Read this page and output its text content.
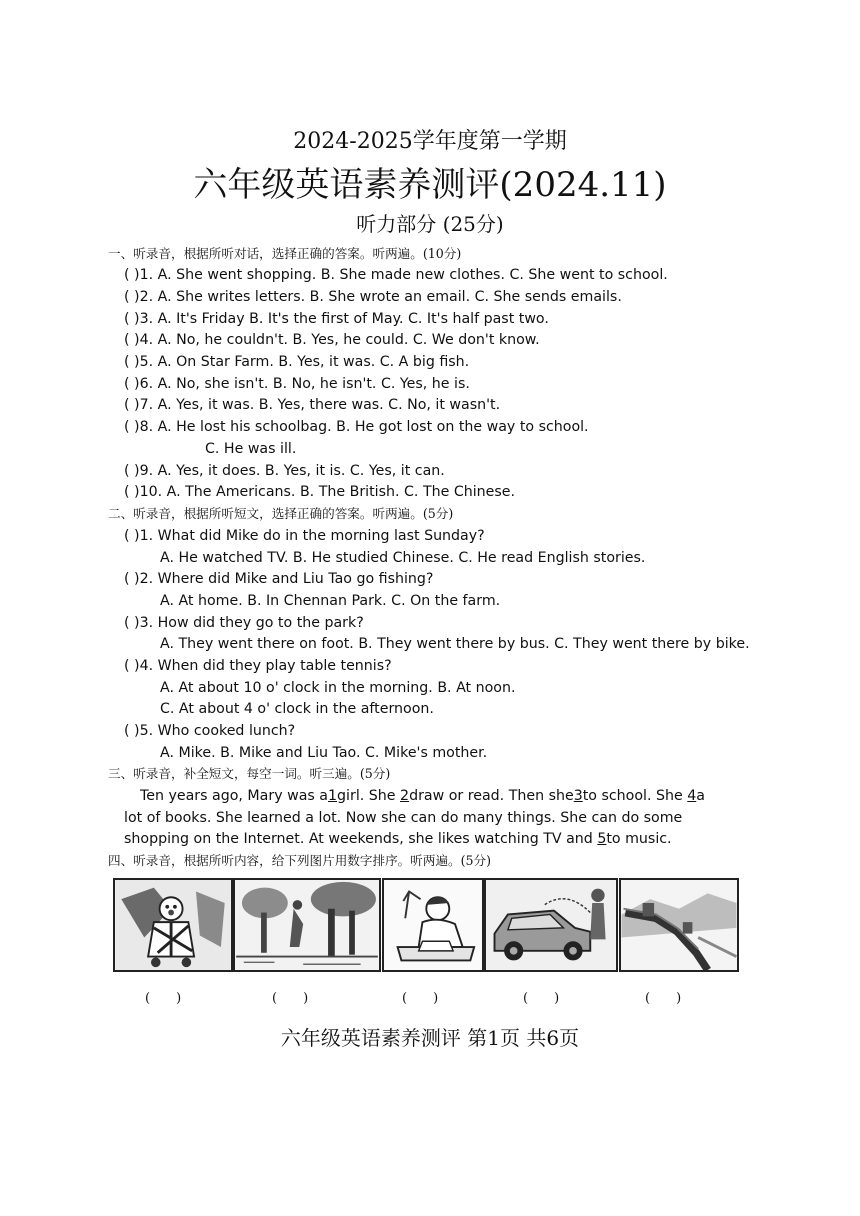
2024-2025学年度第一学期
六年级英语素养测评(2024.11)
听力部分 (25分)
一、听录音，根据所听对话，选择正确的答案。听两遍。(10分)
( )1. A. She went shopping. B. She made new clothes. C. She went to school.
( )2. A. She writes letters. B. She wrote an email. C. She sends emails.
( )3. A. It's Friday B. It's the first of May. C. It's half past two.
( )4. A. No, he couldn't. B. Yes, he could. C. We don't know.
( )5. A. On Star Farm. B. Yes, it was. C. A big fish.
( )6. A. No, she isn't. B. No, he isn't. C. Yes, he is.
( )7. A. Yes, it was. B. Yes, there was. C. No, it wasn't.
( )8. A. He lost his schoolbag. B. He got lost on the way to school.
C. He was ill.
( )9. A. Yes, it does. B. Yes, it is. C. Yes, it can.
( )10. A. The Americans. B. The British. C. The Chinese.
二、听录音，根据所听短文，选择正确的答案。听两遍。(5分)
( )1. What did Mike do in the morning last Sunday?
A. He watched TV. B. He studied Chinese. C. He read English stories.
( )2. Where did Mike and Liu Tao go fishing?
A. At home. B. In Chennan Park. C. On the farm.
( )3. How did they go to the park?
A. They went there on foot. B. They went there by bus. C. They went there by bike.
( )4. When did they play table tennis?
A. At about 10 o' clock in the morning. B. At noon.
C. At about 4 o' clock in the afternoon.
( )5. Who cooked lunch?
A. Mike. B. Mike and Liu Tao. C. Mike's mother.
三、听录音，补全短文，每空一词。听三遍。(5分)
Ten years ago, Mary was a1girl. She 2draw or read. Then she3to school. She 4a
lot of books. She learned a lot. Now she can do many things. She can do some
shopping on the Internet. At weekends, she likes watching TV and 5to music.
四、听录音，根据所听内容，给下列图片用数字排序。听两遍。(5分)
(　　)	(　　)	(　　)	(　　)	(　　)
六年级英语素养测评 第1页 共6页
